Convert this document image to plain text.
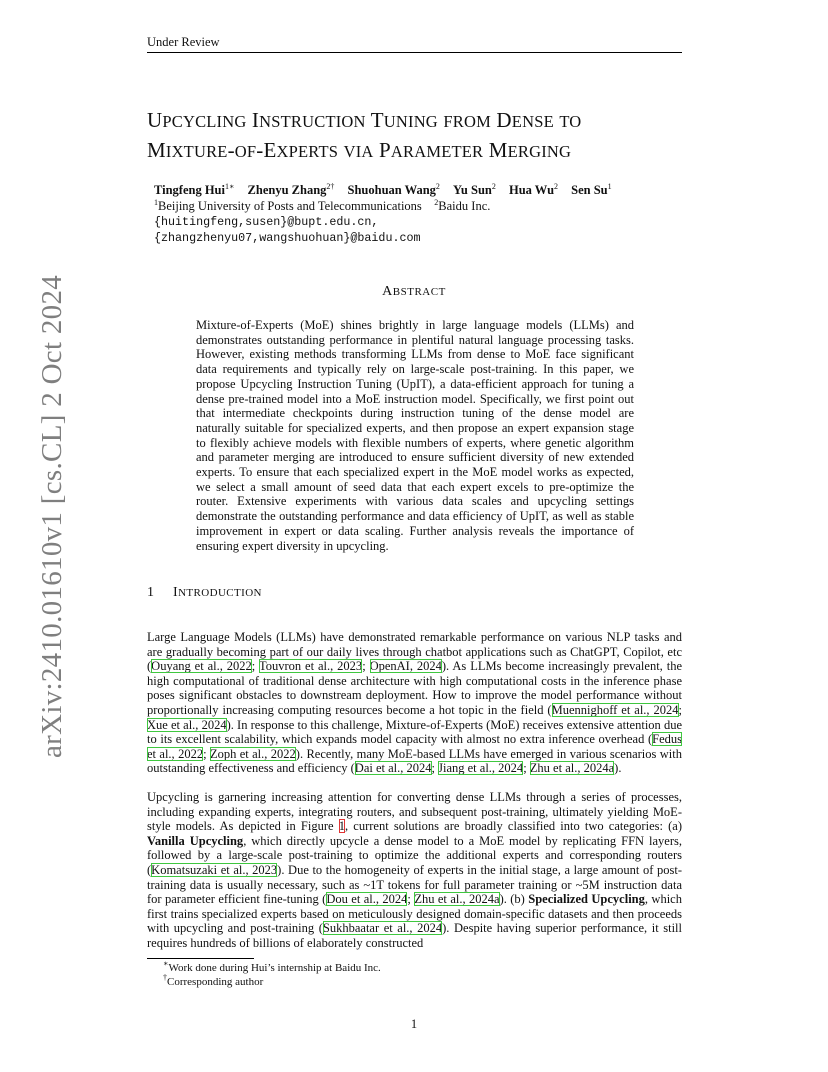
Under Review
UPCYCLING INSTRUCTION TUNING FROM DENSE TO
MIXTURE-OF-EXPERTS VIA PARAMETER MERGING
Tingfeng Hui$^{1∗}$ Zhenyu Zhang$^{2\dagger}$ Shuohuan Wang$^2$ Yu Sun$^2$ Hua Wu$^2$ Sen Su$^1$
$^1$Beijing University of Posts and Telecommunications $^2$Baidu Inc.
{huitingfeng,susen}@bupt.edu.cn,
{zhangzhenyu07,wangshuohuan}@baidu.com
ABSTRACT
Mixture-of-Experts (MoE) shines brightly in large language models (LLMs) and demonstrates outstanding performance in plentiful natural language processing tasks. However, existing methods transforming LLMs from dense to MoE face significant data requirements and typically rely on large-scale post-training. In this paper, we propose Upcycling Instruction Tuning (UpIT), a data-efficient approach for tuning a dense pre-trained model into a MoE instruction model. Specifically, we first point out that intermediate checkpoints during instruction tuning of the dense model are naturally suitable for specialized experts, and then propose an expert expansion stage to flexibly achieve models with flexible numbers of experts, where genetic algorithm and parameter merging are introduced to ensure sufficient diversity of new extended experts. To ensure that each specialized expert in the MoE model works as expected, we select a small amount of seed data that each expert excels to pre-optimize the router. Extensive experiments with various data scales and upcycling settings demonstrate the outstanding performance and data efficiency of UpIT, as well as stable improvement in expert or data scaling. Further analysis reveals the importance of ensuring expert diversity in upcycling.
1 INTRODUCTION
Large Language Models (LLMs) have demonstrated remarkable performance on various NLP tasks and are gradually becoming part of our daily lives through chatbot applications such as ChatGPT, Copilot, etc (Ouyang et al., 2022; Touvron et al., 2023; OpenAI, 2024). As LLMs become increasingly prevalent, the high computational of traditional dense architecture with high computational costs in the inference phase poses significant obstacles to downstream deployment. How to improve the model performance without proportionally increasing computing resources become a hot topic in the field (Muennighoff et al., 2024; Xue et al., 2024). In response to this challenge, Mixture-of-Experts (MoE) receives extensive attention due to its excellent scalability, which expands model capacity with almost no extra inference overhead (Fedus et al., 2022; Zoph et al., 2022). Recently, many MoE-based LLMs have emerged in various scenarios with outstanding effectiveness and efficiency (Dai et al., 2024; Jiang et al., 2024; Zhu et al., 2024a).
Upcycling is garnering increasing attention for converting dense LLMs through a series of processes, including expanding experts, integrating routers, and subsequent post-training, ultimately yielding MoE-style models. As depicted in Figure 1, current solutions are broadly classified into two categories: (a) Vanilla Upcycling, which directly upcycle a dense model to a MoE model by replicating FFN layers, followed by a large-scale post-training to optimize the additional experts and corresponding routers (Komatsuzaki et al., 2023). Due to the homogeneity of experts in the initial stage, a large amount of post-training data is usually necessary, such as ~1T tokens for full parameter training or ~5M instruction data for parameter efficient fine-tuning (Dou et al., 2024; Zhu et al., 2024a). (b) Specialized Upcycling, which first trains specialized experts based on meticulously designed domain-specific datasets and then proceeds with upcycling and post-training (Sukhbaatar et al., 2024). Despite having superior performance, it still requires hundreds of billions of elaborately constructed
∗Work done during Hui’s internship at Baidu Inc.
†Corresponding author
1
arXiv:2410.01610v1 [cs.CL] 2 Oct 2024
